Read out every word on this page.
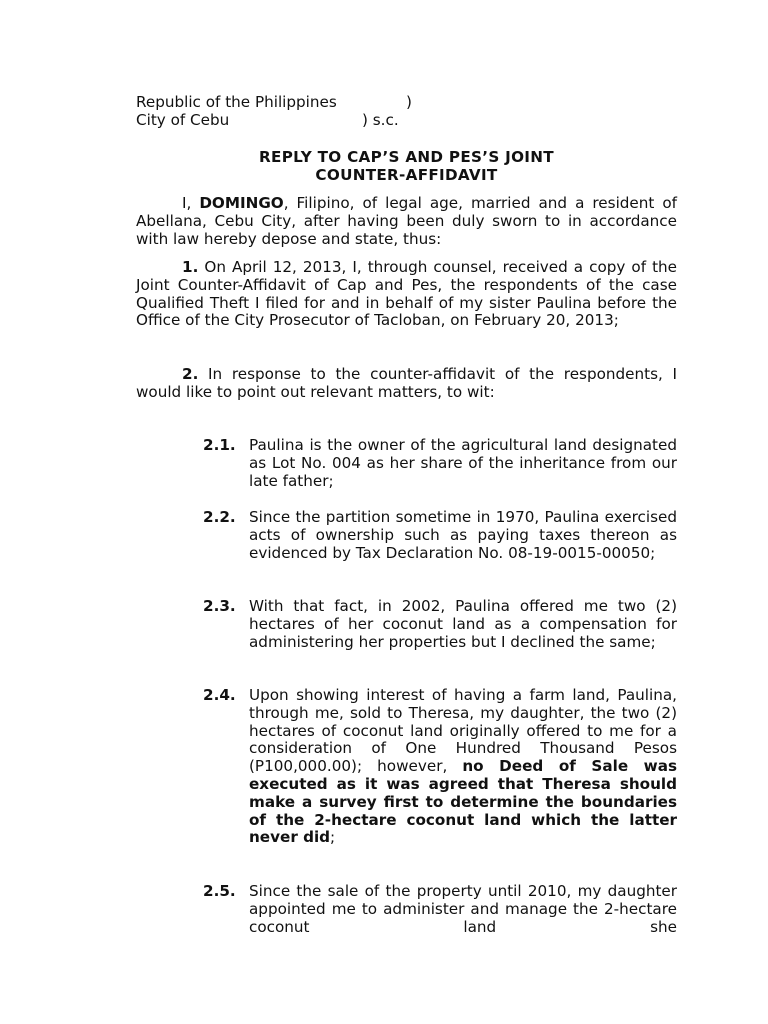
Republic of the Philippines	)
City of Cebu	) s.c.
REPLY TO CAP’S AND PES’S JOINT
COUNTER-AFFIDAVIT
I, DOMINGO, Filipino, of legal age, married and a resident of Abellana, Cebu City, after having been duly sworn to in accordance with law hereby depose and state, thus:
1. On April 12, 2013, I, through counsel, received a copy of the Joint Counter-Affidavit of Cap and Pes, the respondents of the case Qualified Theft I filed for and in behalf of my sister Paulina before the Office of the City Prosecutor of Tacloban, on February 20, 2013;
2. In response to the counter-affidavit of the respondents, I would like to point out relevant matters, to wit:
2.1. Paulina is the owner of the agricultural land designated as Lot No. 004 as her share of the inheritance from our late father;
2.2. Since the partition sometime in 1970, Paulina exercised acts of ownership such as paying taxes thereon as evidenced by Tax Declaration No. 08-19-0015-00050;
2.3. With that fact, in 2002, Paulina offered me two (2) hectares of her coconut land as a compensation for administering her properties but I declined the same;
2.4. Upon showing interest of having a farm land, Paulina, through me, sold to Theresa, my daughter, the two (2) hectares of coconut land originally offered to me for a consideration of One Hundred Thousand Pesos (P100,000.00); however, no Deed of Sale was executed as it was agreed that Theresa should make a survey first to determine the boundaries of the 2-hectare coconut land which the latter never did;
2.5. Since the sale of the property until 2010, my daughter appointed me to administer and manage the 2-hectare coconut land she
